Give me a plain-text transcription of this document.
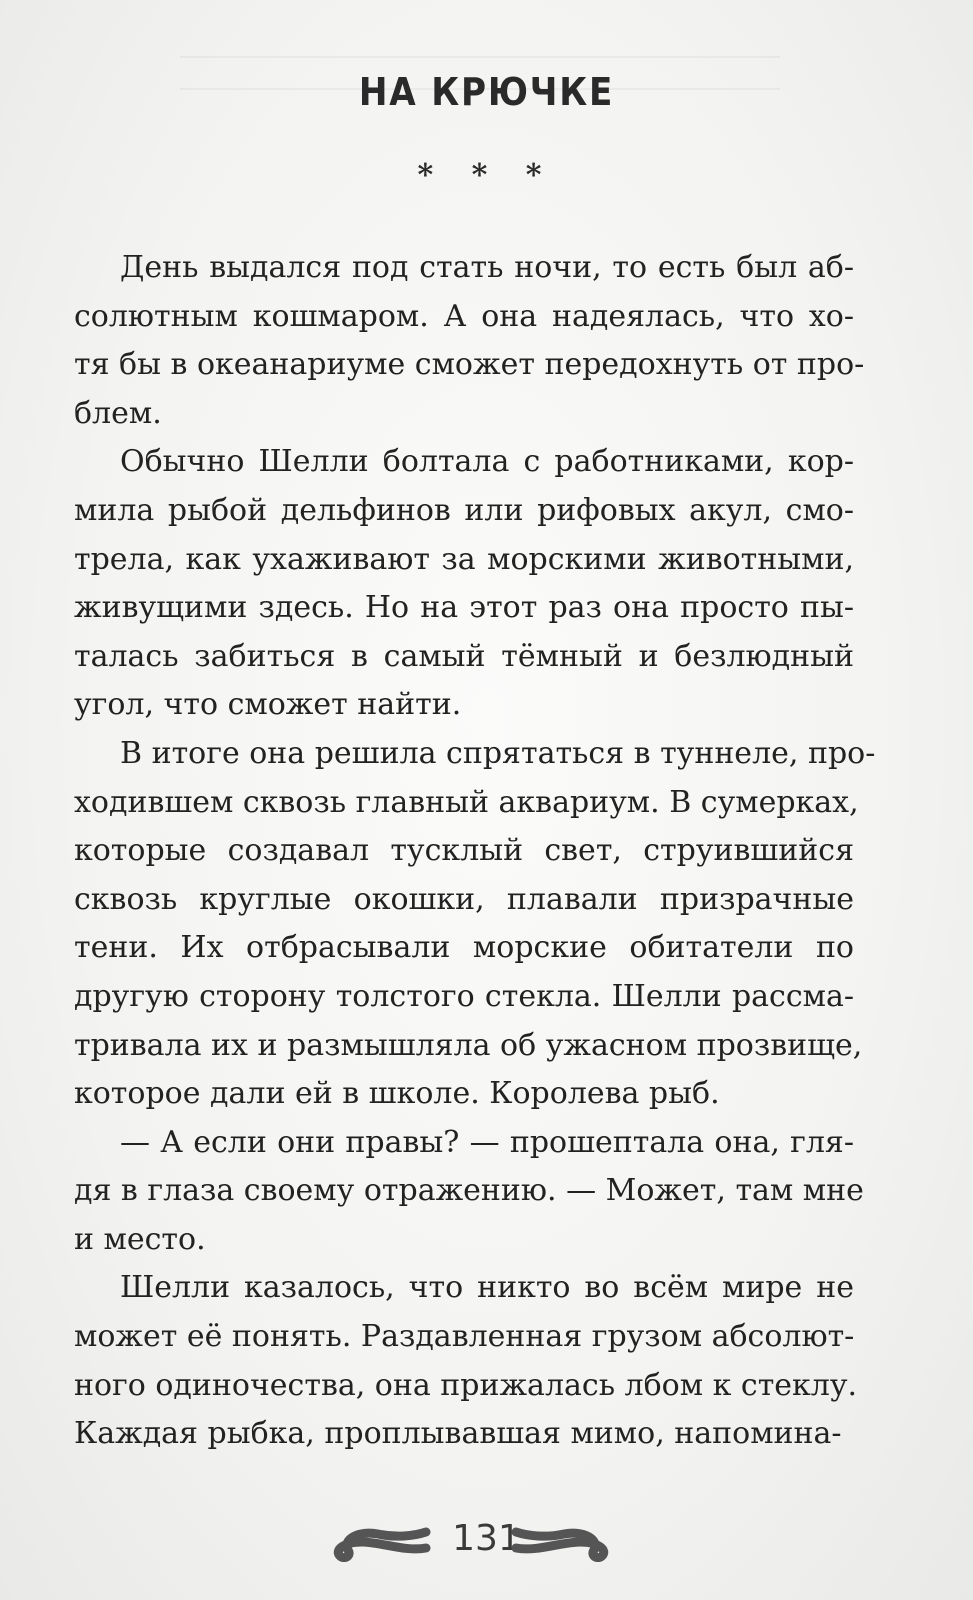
НА КРЮЧКЕ
* * *
День выдался под стать ночи, то есть был аб-
солютным кошмаром. А она надеялась, что хо-
тя бы в океанариуме сможет передохнуть от про-
блем.
Обычно Шелли болтала с работниками, кор-
мила рыбой дельфинов или рифовых акул, смо-
трела, как ухаживают за морскими животными,
живущими здесь. Но на этот раз она просто пы-
талась забиться в самый тёмный и безлюдный
угол, что сможет найти.
В итоге она решила спрятаться в туннеле, про-
ходившем сквозь главный аквариум. В сумерках,
которые создавал тусклый свет, струившийся
сквозь круглые окошки, плавали призрачные
тени. Их отбрасывали морские обитатели по
другую сторону толстого стекла. Шелли рассма-
тривала их и размышляла об ужасном прозвище,
которое дали ей в школе. Королева рыб.
— А если они правы? — прошептала она, гля-
дя в глаза своему отражению. — Может, там мне
и место.
Шелли казалось, что никто во всём мире не
может её понять. Раздавленная грузом абсолют-
ного одиночества, она прижалась лбом к стеклу.
Каждая рыбка, проплывавшая мимо, напомина-
131
